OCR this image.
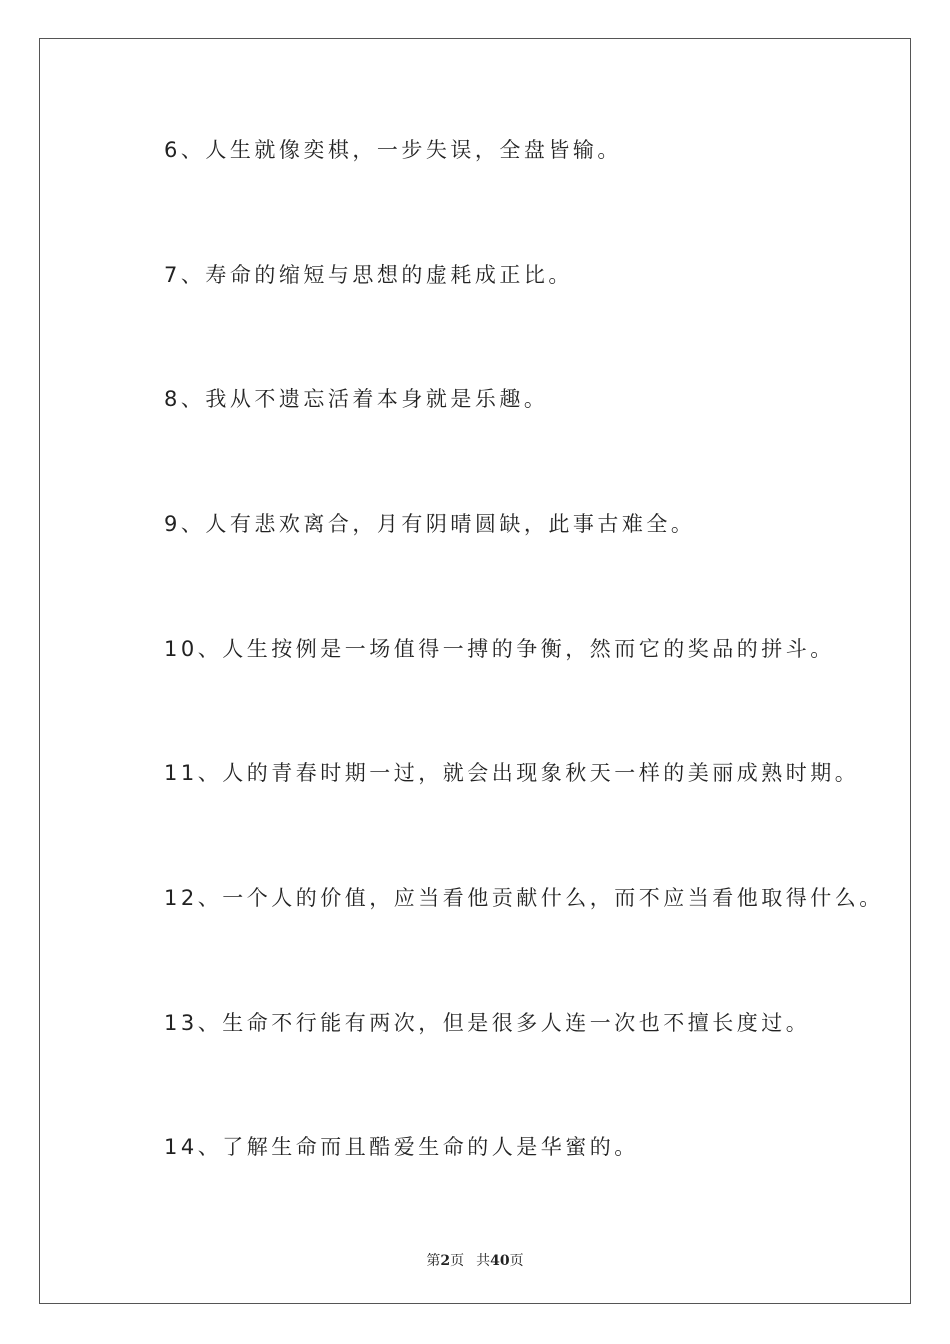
6、人生就像奕棋，一步失误，全盘皆输。

7、寿命的缩短与思想的虚耗成正比。

8、我从不遗忘活着本身就是乐趣。

9、人有悲欢离合，月有阴晴圆缺，此事古难全。

10、人生按例是一场值得一搏的争衡，然而它的奖品的拼斗。

11、人的青春时期一过，就会出现象秋天一样的美丽成熟时期。

12、一个人的价值，应当看他贡献什么，而不应当看他取得什么。

13、生命不行能有两次，但是很多人连一次也不擅长度过。

14、了解生命而且酷爱生命的人是华蜜的。

第2页 共40页
